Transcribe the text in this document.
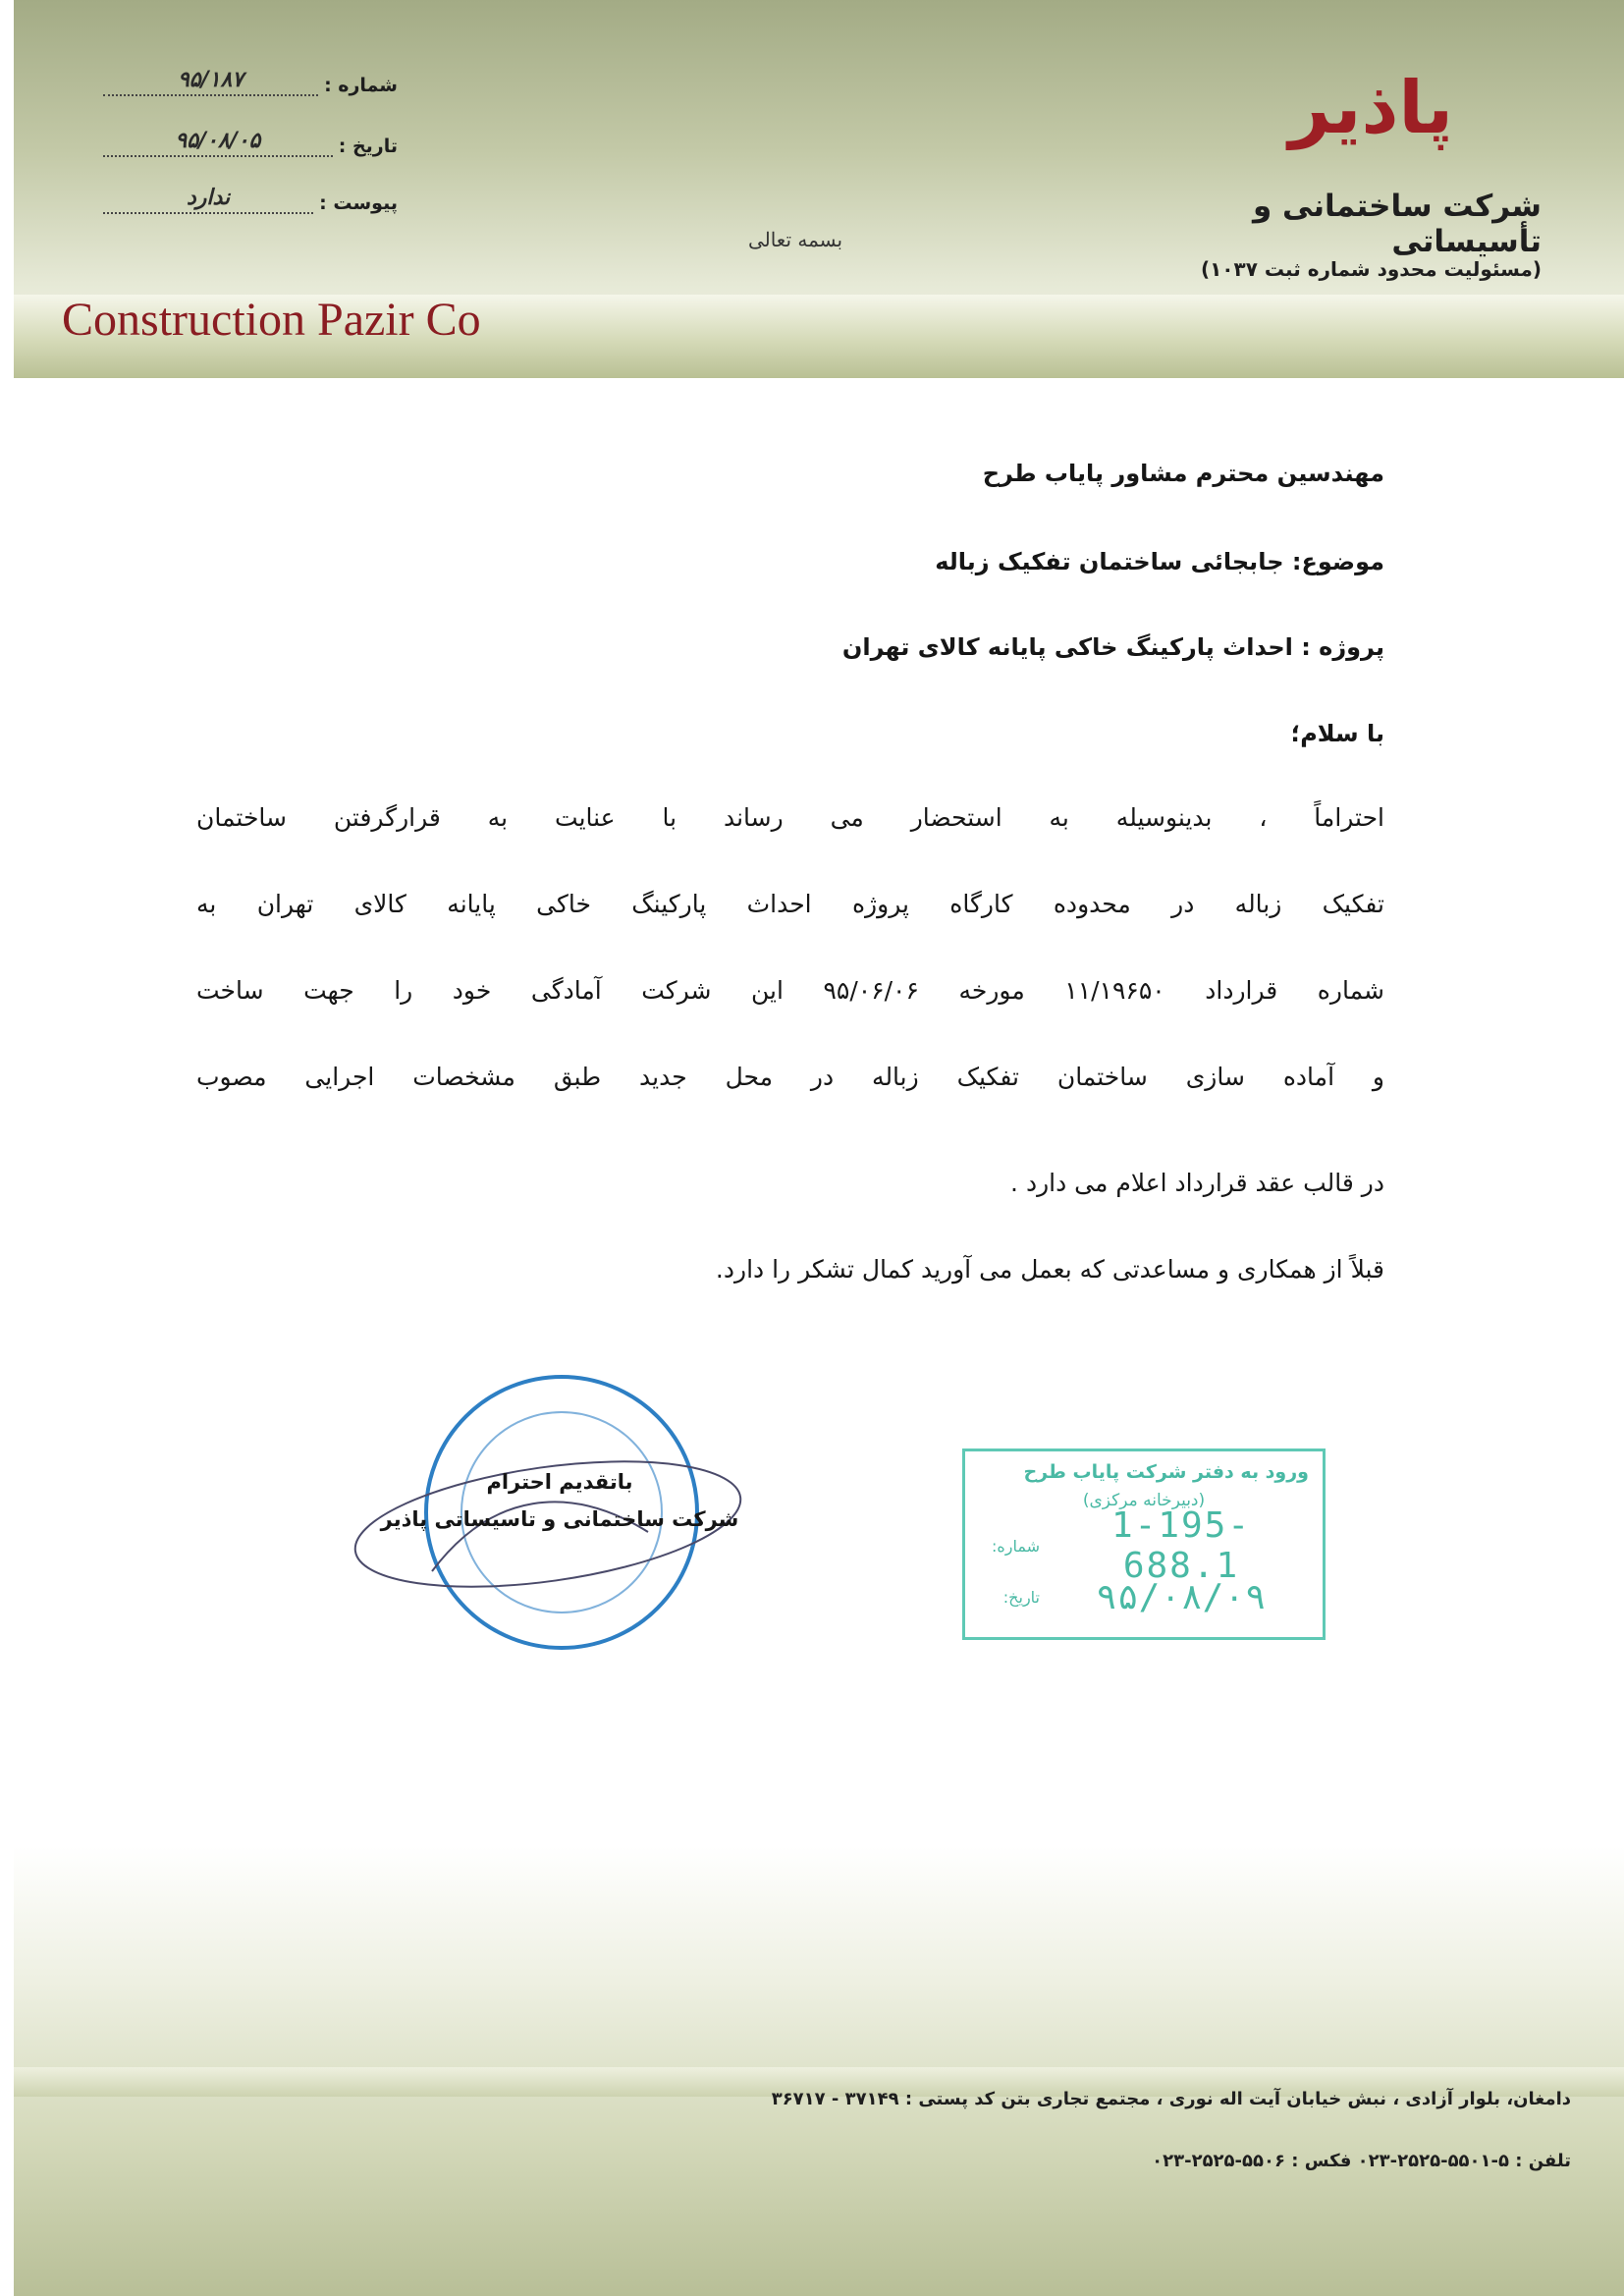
شماره :
۹۵/۱۸۷
تاریخ :
۹۵/۰۸/۰۵
پیوست :
ندارد
پاذیر
شرکت ساختمانی و تأسیساتی
(مسئولیت محدود شماره ثبت ۱۰۳۷)
بسمه تعالی
Construction Pazir Co
مهندسین محترم مشاور پایاب طرح
موضوع: جابجائی ساختمان تفکیک زباله
پروژه : احداث پارکینگ خاکی پایانه کالای تهران
با سلام؛
احتراماً ، بدینوسیله به استحضار می رساند با عنایت به قرارگرفتن ساختمان
تفکیک زباله در محدوده کارگاه پروژه احداث پارکینگ خاکی پایانه کالای تهران به
شماره قرارداد ۱۱/۱۹۶۵۰ مورخه ۹۵/۰۶/۰۶ این شرکت آمادگی خود را جهت ساخت
و آماده سازی ساختمان تفکیک زباله در محل جدید طبق مشخصات اجرایی مصوب
در قالب عقد قرارداد اعلام می دارد .
قبلاً از همکاری و مساعدتی که بعمل می آورید کمال تشکر را دارد.
باتقدیم احترام
شرکت ساختمانی و تاسیساتی پاذیر
ورود به دفتر شرکت پایاب طرح
(دبیرخانه مرکزی)
شماره:	1-195-688.1
تاریخ:	۹۵/۰۸/۰۹
دامغان، بلوار آزادی ، نبش خیابان آیت اله نوری ، مجتمع تجاری بتن کد پستی : ۳۷۱۴۹ - ۳۶۷۱۷
تلفن : ۵-۵۵۰۱-۲۵۲۵-۰۲۳ فکس : ۵۵۰۶-۲۵۲۵-۰۲۳
